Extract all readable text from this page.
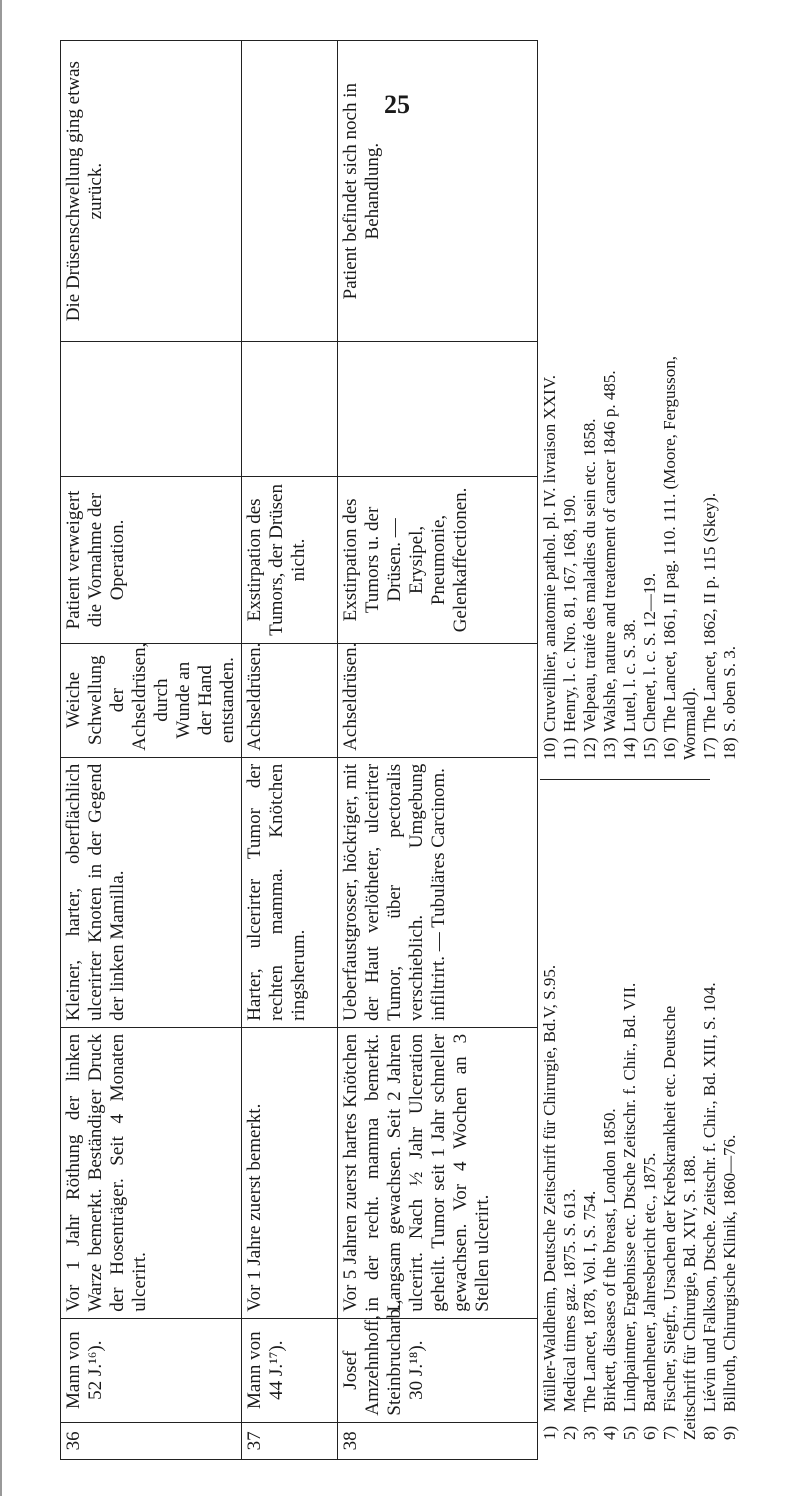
25
36	Mann von 52 J.¹⁶).	Vor 1 Jahr Röthung der linken Warze bemerkt. Beständiger Druck der Hosenträger. Seit 4 Monaten ulcerirt.	Kleiner, harter, oberflächlich ulcerirter Knoten in der Gegend der linken Mamilla.	Weiche Schwellung der Achseldrüsen, durch Wunde an der Hand entstanden.	Patient verweigert die Vornahme der Operation.		Die Drüsenschwellung ging etwas zurück.
37	Mann von 44 J.¹⁷).	Vor 1 Jahre zuerst bemerkt.	Harter, ulcerirter Tumor der rechten mamma. Knötchen ringsherum.	Achseldrüsen.	Exstirpation des Tumors, der Drüsen nicht.		
38	Josef Amzehnhoff, Steinbrucharb., 30 J.¹⁸).	Vor 5 Jahren zuerst hartes Knötchen in der recht. mamma bemerkt. Langsam gewachsen. Seit 2 Jahren ulcerirt. Nach ½ Jahr Ulceration geheilt. Tumor seit 1 Jahr schneller gewachsen. Vor 4 Wochen an 3 Stellen ulcerirt.	Ueberfaustgrosser, höckriger, mit der Haut verlötheter, ulcerirter Tumor, über pectoralis verschieblich. Umgebung infiltrirt. — Tubuläres Carcinom.	Achseldrüsen.	Exstirpation des Tumors u. der Drüsen. — Erysipel, Pneumonie, Gelenkaffectionen.		Patient befindet sich noch in Behandlung.
1)Müller-Waldheim, Deutsche Zeitschrift für Chirurgie, Bd.V, S.95.
2)Medical times gaz. 1875. S. 613.
3)The Lancet, 1878, Vol. I, S. 754.
4)Birkett, diseases of the breast, London 1850.
5)Lindpaintner, Ergebnisse etc. Dtsche Zeitschr. f. Chir., Bd. VII.
6)Bardenheuer, Jahresbericht etc., 1875.
7)Fischer, Siegfr., Ursachen der Krebskrankheit etc. Deutsche Zeitschrift für Chirurgie, Bd. XIV, S. 188. 8)Liévin und Falkson, Dtsche. Zeitschr. f. Chir., Bd. XIII, S. 104.
9)Billroth, Chirurgische Klinik, 1860—76.
10)Cruveilhier, anatomie pathol. pl. IV. livraison XXIV.
11)Henry, l. c. Nro. 81, 167, 168, 190.
12)Velpeau, traité des maladies du sein etc. 1858.
13)Walshe, nature and treatement of cancer 1846 p. 485.
14)Lutel, l. c. S. 38.
15)Chenet, l. c. S. 12—19.
16)The Lancet, 1861, II pag. 110. 111. (Moore, Fergusson, Wormald). 17)The Lancet, 1862, II p. 115 (Skey).
18)S. oben S. 3.
